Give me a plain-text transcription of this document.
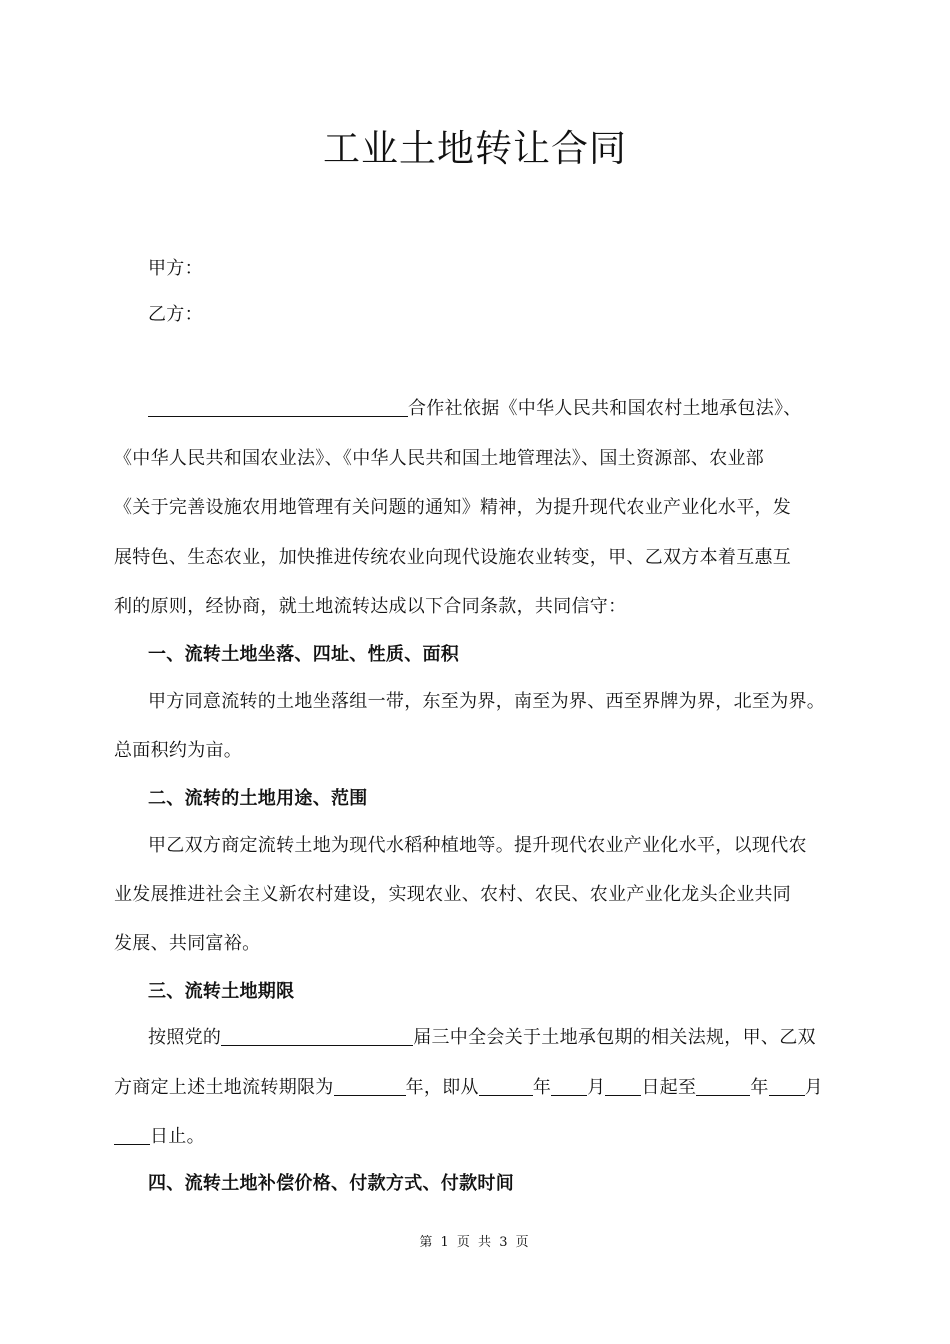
工业土地转让合同
甲方：
乙方：
合作社依据《中华人民共和国农村土地承包法》、
《中华人民共和国农业法》、《中华人民共和国土地管理法》、国土资源部、农业部
《关于完善设施农用地管理有关问题的通知》精神，为提升现代农业产业化水平，发
展特色、生态农业，加快推进传统农业向现代设施农业转变，甲、乙双方本着互惠互
利的原则，经协商，就土地流转达成以下合同条款，共同信守：
一、流转土地坐落、四址、性质、面积
甲方同意流转的土地坐落组一带，东至为界，南至为界、西至界牌为界，北至为界。
总面积约为亩。
二、流转的土地用途、范围
甲乙双方商定流转土地为现代水稻种植地等。提升现代农业产业化水平，以现代农
业发展推进社会主义新农村建设，实现农业、农村、农民、农业产业化龙头企业共同
发展、共同富裕。
三、流转土地期限
按照党的	届三中全会关于土地承包期的相关法规，甲、乙双
方商定上述土地流转期限为	年，即从	年 月 日起至	年 月
日止。
四、流转土地补偿价格、付款方式、付款时间
第 1 页 共 3 页
